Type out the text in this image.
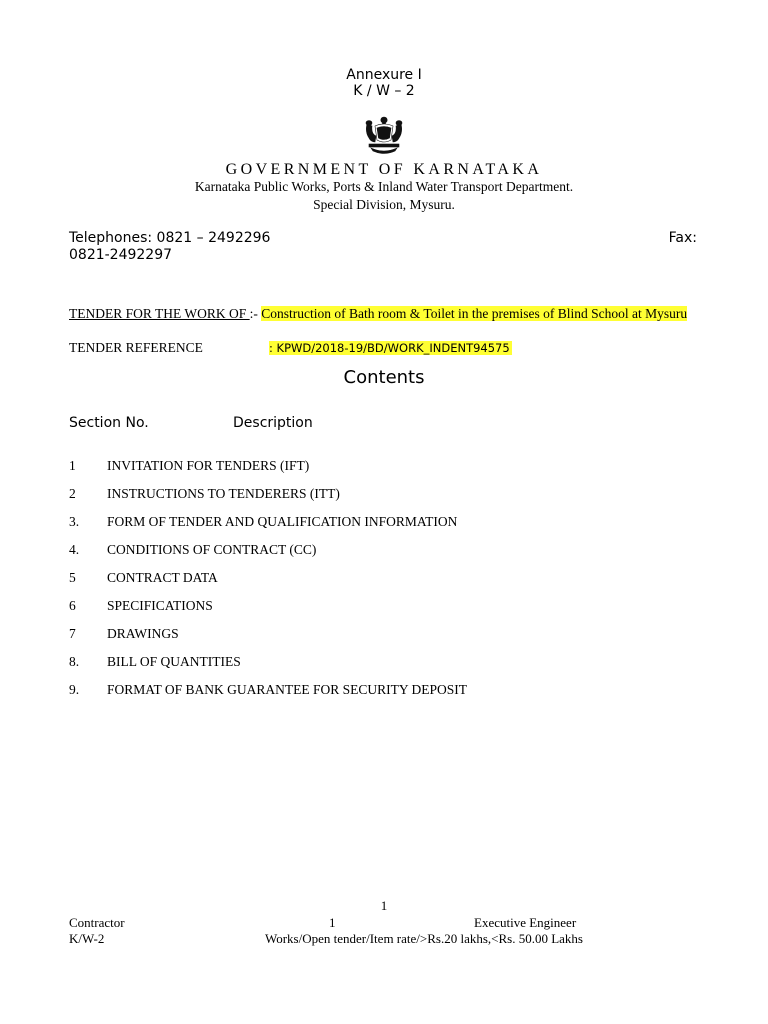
Annexure I
K / W – 2
GOVERNMENT OF KARNATAKA
Karnataka Public Works, Ports & Inland Water Transport Department.
Special Division, Mysuru.
Telephones: 0821 – 2492296	Fax:
0821-2492297
TENDER FOR THE WORK OF :- Construction of Bath room & Toilet in the premises of Blind School at Mysuru
TENDER REFERENCE	: KPWD/2018-19/BD/WORK_INDENT94575
Contents
Section No.	Description
1 INVITATION FOR TENDERS (IFT)
2 INSTRUCTIONS TO TENDERERS (ITT)
3. FORM OF TENDER AND QUALIFICATION INFORMATION
4. CONDITIONS OF CONTRACT (CC)
5 CONTRACT DATA
6 SPECIFICATIONS
7 DRAWINGS
8. BILL OF QUANTITIES
9. FORMAT OF BANK GUARANTEE FOR SECURITY DEPOSIT
1
Contractor	1	Executive Engineer
K/W-2	Works/Open tender/Item rate/>Rs.20 lakhs,<Rs. 50.00 Lakhs
